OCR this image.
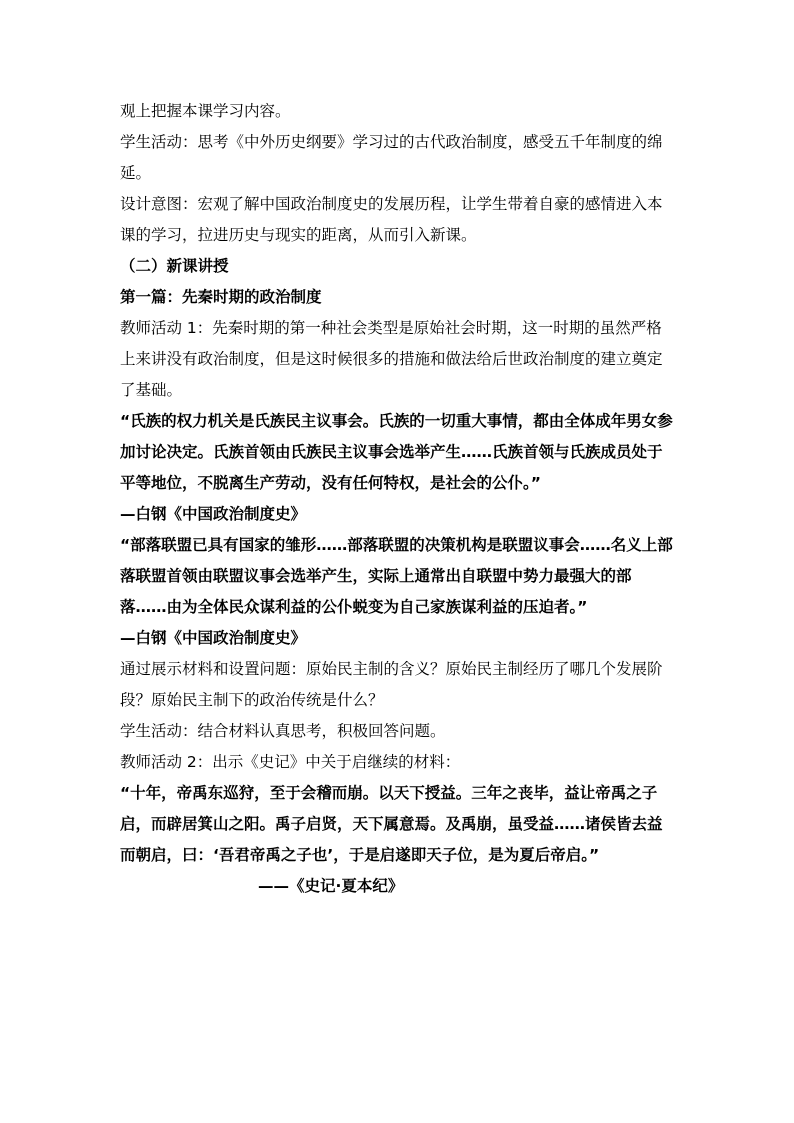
观上把握本课学习内容。

学生活动：思考《中外历史纲要》学习过的古代政治制度，感受五千年制度的绵延。

设计意图：宏观了解中国政治制度史的发展历程，让学生带着自豪的感情进入本课的学习，拉进历史与现实的距离，从而引入新课。

（二）新课讲授

第一篇：先秦时期的政治制度

教师活动 1：先秦时期的第一种社会类型是原始社会时期，这一时期的虽然严格上来讲没有政治制度，但是这时候很多的措施和做法给后世政治制度的建立奠定了基础。

“氏族的权力机关是氏族民主议事会。氏族的一切重大事情，都由全体成年男女参加讨论决定。氏族首领由氏族民主议事会选举产生……氏族首领与氏族成员处于平等地位，不脱离生产劳动，没有任何特权，是社会的公仆。”

—白钢《中国政治制度史》

“部落联盟已具有国家的雏形……部落联盟的决策机构是联盟议事会……名义上部落联盟首领由联盟议事会选举产生，实际上通常出自联盟中势力最强大的部落……由为全体民众谋利益的公仆蜕变为自己家族谋利益的压迫者。”

—白钢《中国政治制度史》

通过展示材料和设置问题：原始民主制的含义？原始民主制经历了哪几个发展阶段？原始民主制下的政治传统是什么？

学生活动：结合材料认真思考，积极回答问题。

教师活动 2：出示《史记》中关于启继续的材料：

“十年，帝禹东巡狩，至于会稽而崩。以天下授益。三年之丧毕，益让帝禹之子启，而辟居箕山之阳。禹子启贤，天下属意焉。及禹崩，虽受益……诸侯皆去益而朝启，曰：‘吾君帝禹之子也’，于是启遂即天子位，是为夏后帝启。”

——《史记·夏本纪》
